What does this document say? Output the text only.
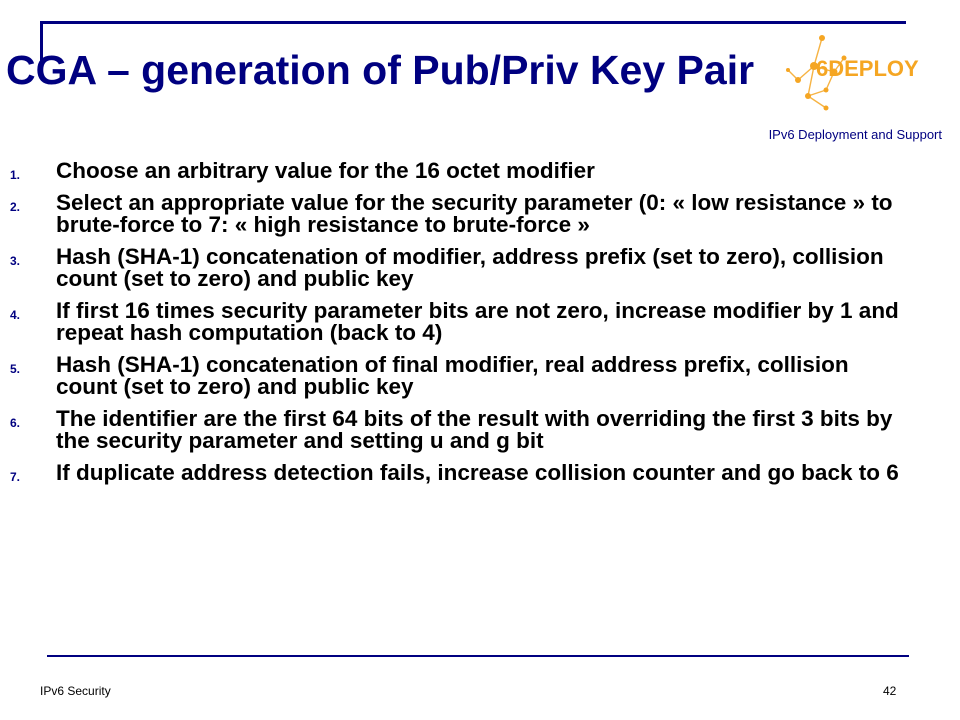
6DEPLOY
IPv6 Deployment and Support
CGA – generation of Pub/Priv Key Pair
1. Choose an arbitrary value for the 16 octet modifier
2. Select an appropriate value for the security parameter (0: « low resistance » to brute-force to 7: « high resistance to brute-force »
3. Hash (SHA-1) concatenation of modifier, address prefix (set to zero), collision count (set to zero) and public key
4. If first 16 times security parameter bits are not zero, increase modifier by 1 and repeat hash computation (back to 4)
5. Hash (SHA-1) concatenation of final modifier, real address prefix, collision count (set to zero) and public key
6. The identifier are the first 64 bits of the result with overriding the first 3 bits by the security parameter and setting u and g bit
7. If duplicate address detection fails, increase collision counter and go back to 6
IPv6 Security	42
